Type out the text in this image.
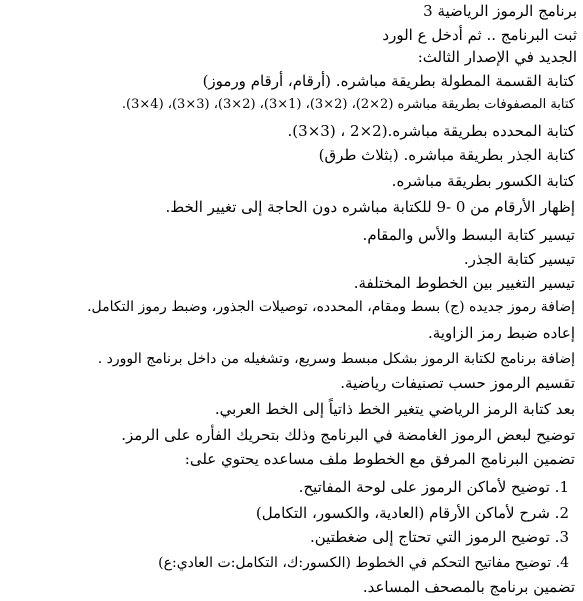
برنامج الرموز الرياضية 3
ثبت البرنامج .. ثم أدخل ع الورد
الجديد في الإصدار الثالث:
كتابة القسمة المطولة بطريقة مباشره. (أرقام، أرقام ورموز)
كتابة المصفوفات بطريقة مباشره (2×2)، (2×3)، (1×3)، (2×3)، (3×3)، (4×3).
كتابة المحدده بطريقة مباشره.(2×2 ، (3×3).
كتابة الجذر بطريقة مباشره. (بثلاث طرق)
كتابة الكسور بطريقة مباشره.
إظهار الأرقام من 0 -9 للكتابة مباشره دون الحاجة إلى تغيير الخط.
تيسير كتابة البسط والأس والمقام.
تيسير كتابة الجذر.
تيسير التغيير بين الخطوط المختلفة.
إضافة رموز جديده (ج) بسط ومقام، المحدده، توصيلات الجذور، وضبط رموز التكامل.
إعاده ضبط رمز الزاوية.
إضافة برنامج لكتابة الرموز بشكل مبسط وسريع، وتشغيله من داخل برنامج الوورد .
تقسيم الرموز حسب تصنيفات رياضية.
بعد كتابة الرمز الرياضي يتغير الخط ذاتياً إلى الخط العربي.
توضيح لبعض الرموز الغامضة في البرنامج وذلك بتحريك الفأره على الرمز.
تضمين البرنامج المرفق مع الخطوط ملف مساعده يحتوي على:
1. توضيح لأماكن الرموز على لوحة المفاتيح.
2. شرح لأماكن الأرقام (العادية، والكسور، التكامل)
3. توضيح الرموز التي تحتاج إلى ضغطتين.
4. توضيح مفاتيح التحكم في الخطوط (الكسور:ك، التكامل:ت العادي:ع)
تضمين برنامج بالمصحف المساعد.
